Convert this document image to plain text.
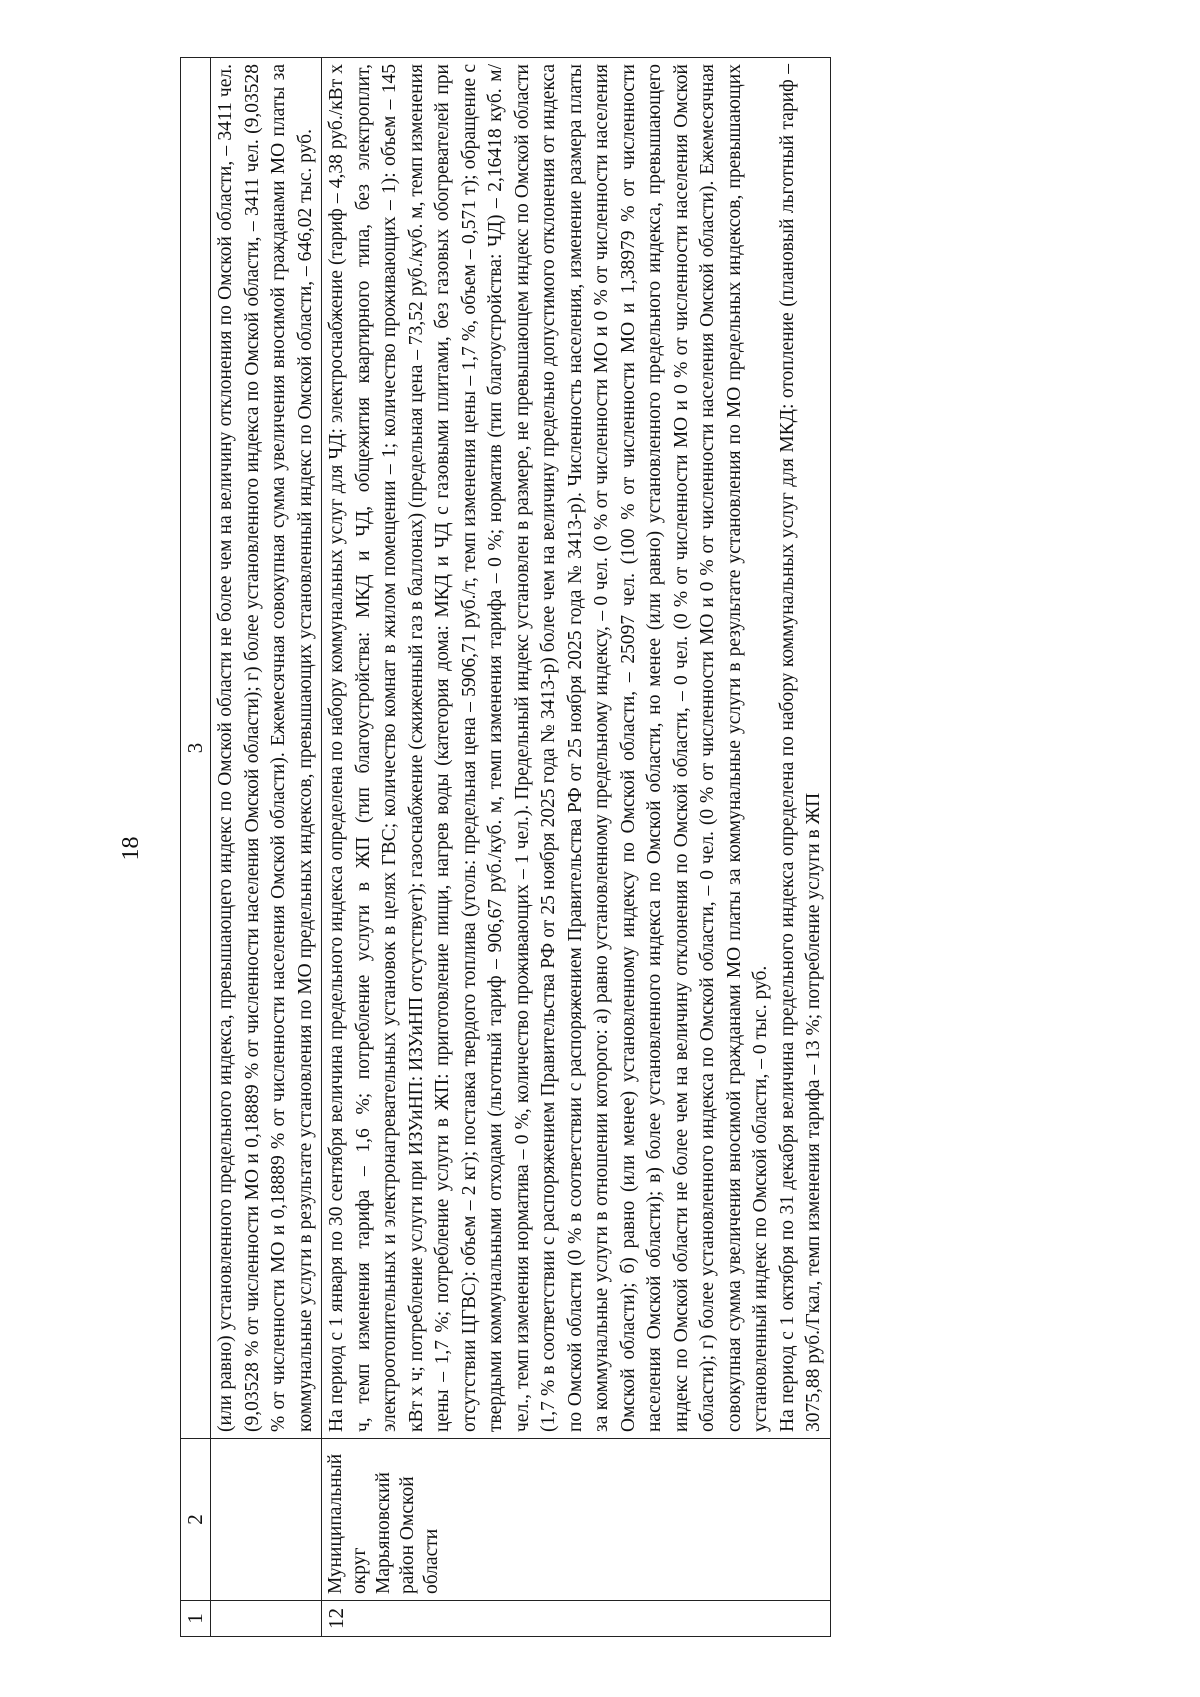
18
1	2	3

		(или равно) установленного предельного индекса, превышающего индекс по Омской области не более чем на величину отклонения по Омской области, – 3411 чел. (9,03528 % от численности МО и 0,18889 % от численности населения Омской области); г) более установленного индекса по Омской области, – 3411 чел. (9,03528 % от численности МО и 0,18889 % от численности населения Омской области). Ежемесячная совокупная сумма увеличения вносимой гражданами МО платы за коммунальные услуги в результате установления по МО предельных индексов, превышающих установленный индекс по Омской области, – 646,02 тыс. руб.

12	Муниципальный округ Марьяновский район Омской области	На период с 1 января по 30 сентября величина предельного индекса определена по набору коммунальных услуг для ЧД: электроснабжение (тариф – 4,38 руб./кВт х ч, темп изменения тарифа – 1,6 %; потребление услуги в ЖП (тип благоустройства: МКД и ЧД, общежития квартирного типа, без электроплит, электроотопительных и электронагревательных установок в целях ГВС; количество комнат в жилом помещении – 1; количество проживающих – 1): объем – 145 кВт х ч; потребление услуги при ИЗУиНП: ИЗУиНП отсутствует); газоснабжение (сжиженный газ в баллонах) (предельная цена – 73,52 руб./куб. м, темп изменения цены – 1,7 %; потребление услуги в ЖП: приготовление пищи, нагрев воды (категория дома: МКД и ЧД с газовыми плитами, без газовых обогревателей при отсутствии ЦГВС): объем – 2 кг); поставка твердого топлива (уголь: предельная цена – 5906,71 руб./т, темп изменения цены – 1,7 %, объем – 0,571 т); обращение с твердыми коммунальными отходами (льготный тариф – 906,67 руб./куб. м, темп изменения тарифа – 0 %; норматив (тип благоустройства: ЧД) – 2,16418 куб. м/чел., темп изменения норматива – 0 %, количество проживающих – 1 чел.). Предельный индекс установлен в размере, не превышающем индекс по Омской области (1,7 % в соответствии с распоряжением Правительства РФ от 25 ноября 2025 года № 3413-р) более чем на величину предельно допустимого отклонения от индекса по Омской области (0 % в соответствии с распоряжением Правительства РФ от 25 ноября 2025 года № 3413-р). Численность населения, изменение размера платы за коммунальные услуги в отношении которого: а) равно установленному предельному индексу, – 0 чел. (0 % от численности МО и 0 % от численности населения Омской области); б) равно (или менее) установленному индексу по Омской области, – 25097 чел. (100 % от численности МО и 1,38979 % от численности населения Омской области); в) более установленного индекса по Омской области, но менее (или равно) установленного предельного индекса, превышающего индекс по Омской области не более чем на величину отклонения по Омской области, – 0 чел. (0 % от численности МО и 0 % от численности населения Омской области); г) более установленного индекса по Омской области, – 0 чел. (0 % от численности МО и 0 % от численности населения Омской области). Ежемесячная совокупная сумма увеличения вносимой гражданами МО платы за коммунальные услуги в результате установления по МО предельных индексов, превышающих установленный индекс по Омской области, – 0 тыс. руб. На период с 1 октября по 31 декабря величина предельного индекса определена по набору коммунальных услуг для МКД: отопление (плановый льготный тариф – 3075,88 руб./Гкал, темп изменения тарифа – 13 %; потребление услуги в ЖП
